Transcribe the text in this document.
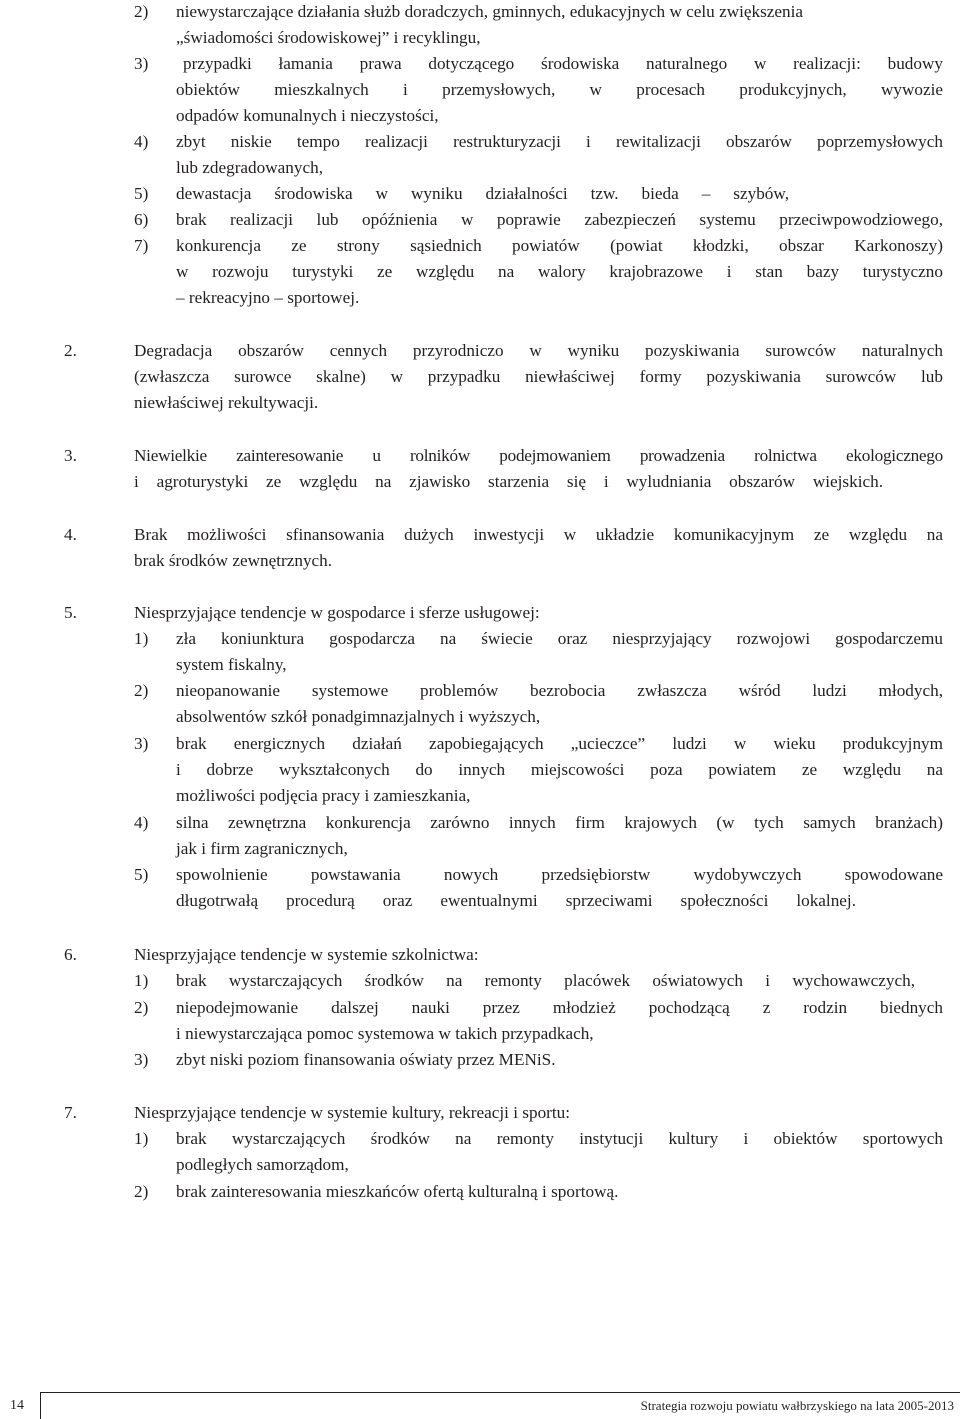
2) niewystarczające działania służb doradczych, gminnych, edukacyjnych w celu zwiększenia
„świadomości środowiskowej” i recyklingu,
3) przypadki łamania prawa dotyczącego środowiska naturalnego w realizacji: budowy
obiektów mieszkalnych i przemysłowych, w procesach produkcyjnych, wywozie
odpadów komunalnych i nieczystości,
4) zbyt niskie tempo realizacji restrukturyzacji i rewitalizacji obszarów poprzemysłowych
lub zdegradowanych,
5) dewastacja środowiska w wyniku działalności tzw. bieda – szybów,
6) brak realizacji lub opóźnienia w poprawie zabezpieczeń systemu przeciwpowodziowego,
7) konkurencja ze strony sąsiednich powiatów (powiat kłodzki, obszar Karkonoszy)
w rozwoju turystyki ze względu na walory krajobrazowe i stan bazy turystyczno
– rekreacyjno – sportowej.
2.	Degradacja obszarów cennych przyrodniczo w wyniku pozyskiwania surowców naturalnych
(zwłaszcza surowce skalne) w przypadku niewłaściwej formy pozyskiwania surowców lub
niewłaściwej rekultywacji.
3.	Niewielkie zainteresowanie u rolników podejmowaniem prowadzenia rolnictwa ekologicznego
i agroturystyki ze względu na zjawisko starzenia się i wyludniania obszarów wiejskich.
4.	Brak możliwości sfinansowania dużych inwestycji w układzie komunikacyjnym ze względu na
brak środków zewnętrznych.
5.	Niesprzyjające tendencje w gospodarce i sferze usługowej:
1) zła koniunktura gospodarcza na świecie oraz niesprzyjający rozwojowi gospodarczemu
system fiskalny,
2) nieopanowanie systemowe problemów bezrobocia zwłaszcza wśród ludzi młodych,
absolwentów szkół ponadgimnazjalnych i wyższych,
3) brak energicznych działań zapobiegających „ucieczce” ludzi w wieku produkcyjnym
i dobrze wykształconych do innych miejscowości poza powiatem ze względu na
możliwości podjęcia pracy i zamieszkania,
4) silna zewnętrzna konkurencja zarówno innych firm krajowych (w tych samych branżach)
jak i firm zagranicznych,
5) spowolnienie powstawania nowych przedsiębiorstw wydobywczych spowodowane
długotrwałą procedurą oraz ewentualnymi sprzeciwami społeczności lokalnej.
6.	Niesprzyjające tendencje w systemie szkolnictwa:
1) brak wystarczających środków na remonty placówek oświatowych i wychowawczych,
2) niepodejmowanie dalszej nauki przez młodzież pochodzącą z rodzin biednych
i niewystarczająca pomoc systemowa w takich przypadkach,
3) zbyt niski poziom finansowania oświaty przez MENiS.
7.	Niesprzyjające tendencje w systemie kultury, rekreacji i sportu:
1) brak wystarczających środków na remonty instytucji kultury i obiektów sportowych
podległych samorządom,
2) brak zainteresowania mieszkańców ofertą kulturalną i sportową.
14	Strategia rozwoju powiatu wałbrzyskiego na lata 2005-2013
